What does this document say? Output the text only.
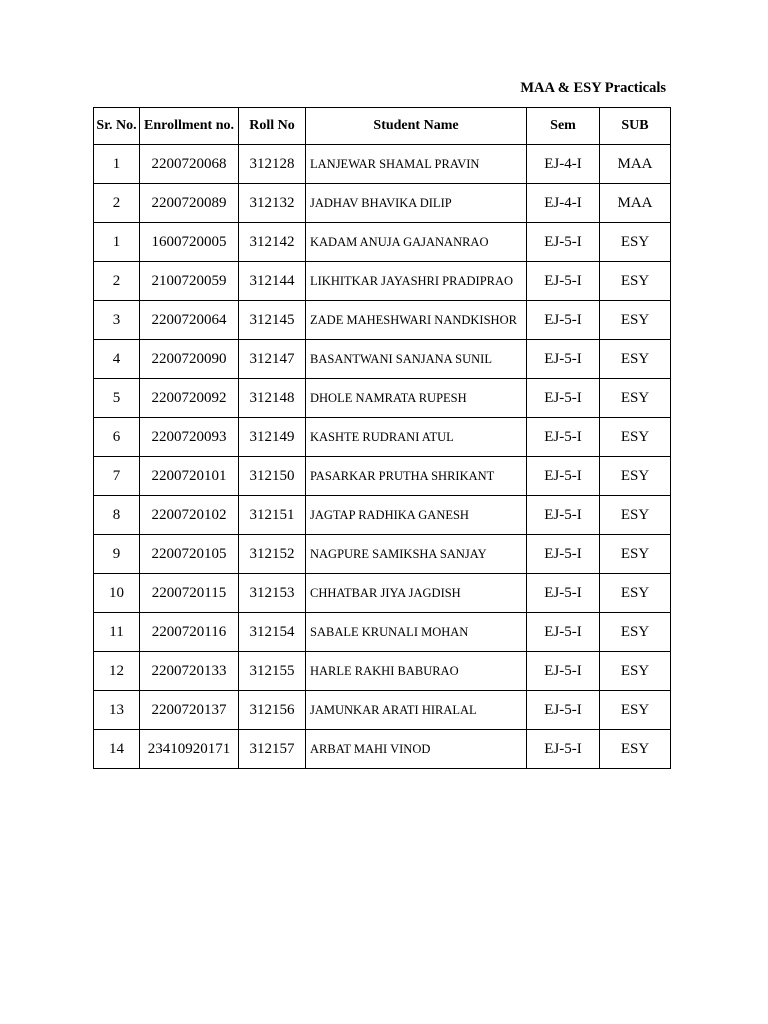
MAA & ESY Practicals
Sr. No.	Enrollment no.	Roll No	Student Name	Sem	SUB
1	2200720068	312128	LANJEWAR SHAMAL PRAVIN	EJ-4-I	MAA
2	2200720089	312132	JADHAV BHAVIKA DILIP	EJ-4-I	MAA
1	1600720005	312142	KADAM ANUJA GAJANANRAO	EJ-5-I	ESY
2	2100720059	312144	LIKHITKAR JAYASHRI PRADIPRAO	EJ-5-I	ESY
3	2200720064	312145	ZADE MAHESHWARI NANDKISHOR	EJ-5-I	ESY
4	2200720090	312147	BASANTWANI SANJANA SUNIL	EJ-5-I	ESY
5	2200720092	312148	DHOLE NAMRATA RUPESH	EJ-5-I	ESY
6	2200720093	312149	KASHTE RUDRANI ATUL	EJ-5-I	ESY
7	2200720101	312150	PASARKAR PRUTHA SHRIKANT	EJ-5-I	ESY
8	2200720102	312151	JAGTAP RADHIKA GANESH	EJ-5-I	ESY
9	2200720105	312152	NAGPURE SAMIKSHA SANJAY	EJ-5-I	ESY
10	2200720115	312153	CHHATBAR JIYA JAGDISH	EJ-5-I	ESY
11	2200720116	312154	SABALE KRUNALI MOHAN	EJ-5-I	ESY
12	2200720133	312155	HARLE RAKHI BABURAO	EJ-5-I	ESY
13	2200720137	312156	JAMUNKAR ARATI HIRALAL	EJ-5-I	ESY
14	23410920171	312157	ARBAT MAHI VINOD	EJ-5-I	ESY
